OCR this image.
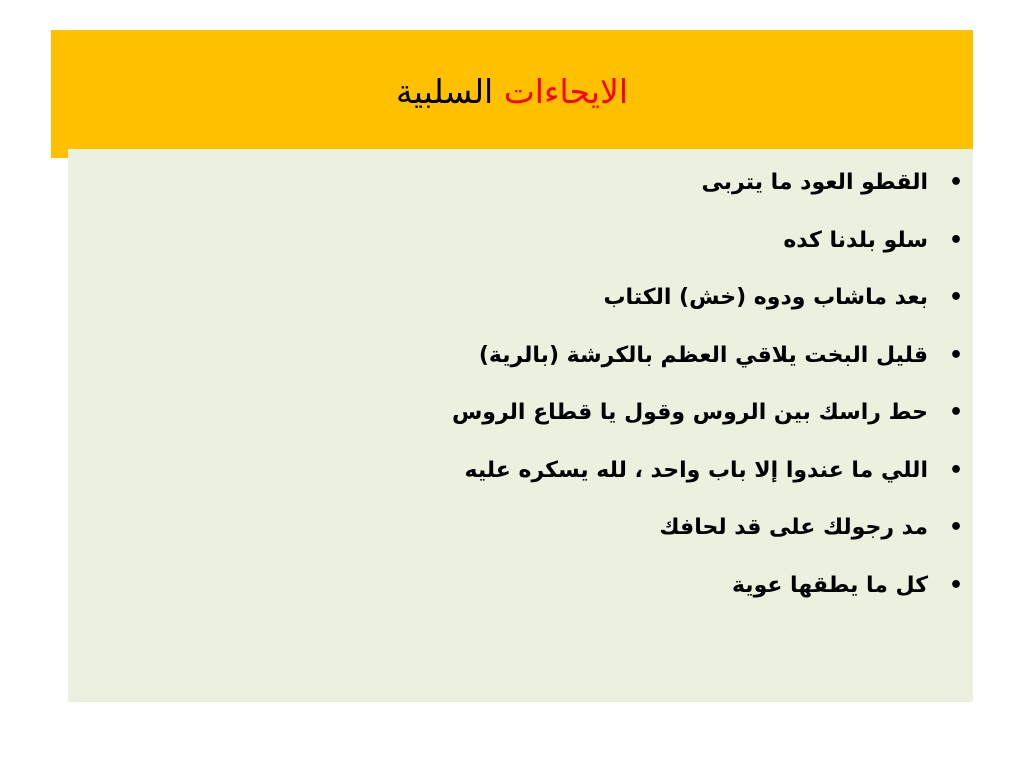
الايحاءات السلبية
•
القطو العود ما يتربى
•
سلو بلدنا كده
•
بعد ماشاب ودوه (خش) الكتاب
•
قليل البخت يلاقي العظم بالكرشة (بالرية)
•
حط راسك بين الروس وقول يا قطاع الروس
•
اللي ما عندوا إلا باب واحد ، لله يسكره عليه
•
مد رجولك على قد لحافك
•
كل ما يطقها عوية
